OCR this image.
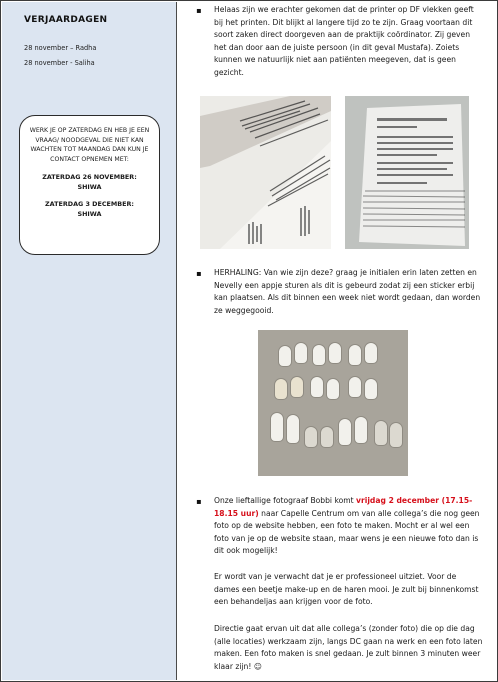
VERJAARDAGEN
28 november – Radha
28 november - Saliha
WERK JE OP ZATERDAG EN HEB JE EEN VRAAG/ NOODGEVAL DIE NIET KAN WACHTEN TOT MAANDAG DAN KUN JE CONTACT OPNEMEN MET:
ZATERDAG 26 NOVEMBER:
SHIWA
ZATERDAG 3 DECEMBER:
SHIWA
▪ Helaas zijn we erachter gekomen dat de printer op DF vlekken geeft bij het printen. Dit blijkt al langere tijd zo te zijn. Graag voortaan dit soort zaken direct doorgeven aan de praktijk coördinator. Zij geven het dan door aan de juiste persoon (in dit geval Mustafa). Zoiets kunnen we natuurlijk niet aan patiënten meegeven, dat is geen gezicht.
▪ HERHALING: Van wie zijn deze? graag je initialen erin laten zetten en Nevelly een appje sturen als dit is gebeurd zodat zij een sticker erbij kan plaatsen. Als dit binnen een week niet wordt gedaan, dan worden ze weggegooid.
▪ Onze lieftallige fotograaf Bobbi komt vrijdag 2 december (17.15-18.15 uur) naar Capelle Centrum om van alle collega’s die nog geen foto op de website hebben, een foto te maken. Mocht er al wel een foto van je op de website staan, maar wens je een nieuwe foto dan is dit ook mogelijk!
Er wordt van je verwacht dat je er professioneel uitziet. Voor de dames een beetje make-up en de haren mooi. Je zult bij binnenkomst een behandeljas aan krijgen voor de foto.
Directie gaat ervan uit dat alle collega’s (zonder foto) die op die dag (alle locaties) werkzaam zijn, langs DC gaan na werk en een foto laten maken. Een foto maken is snel gedaan. Je zult binnen 3 minuten weer klaar zijn! ☺
